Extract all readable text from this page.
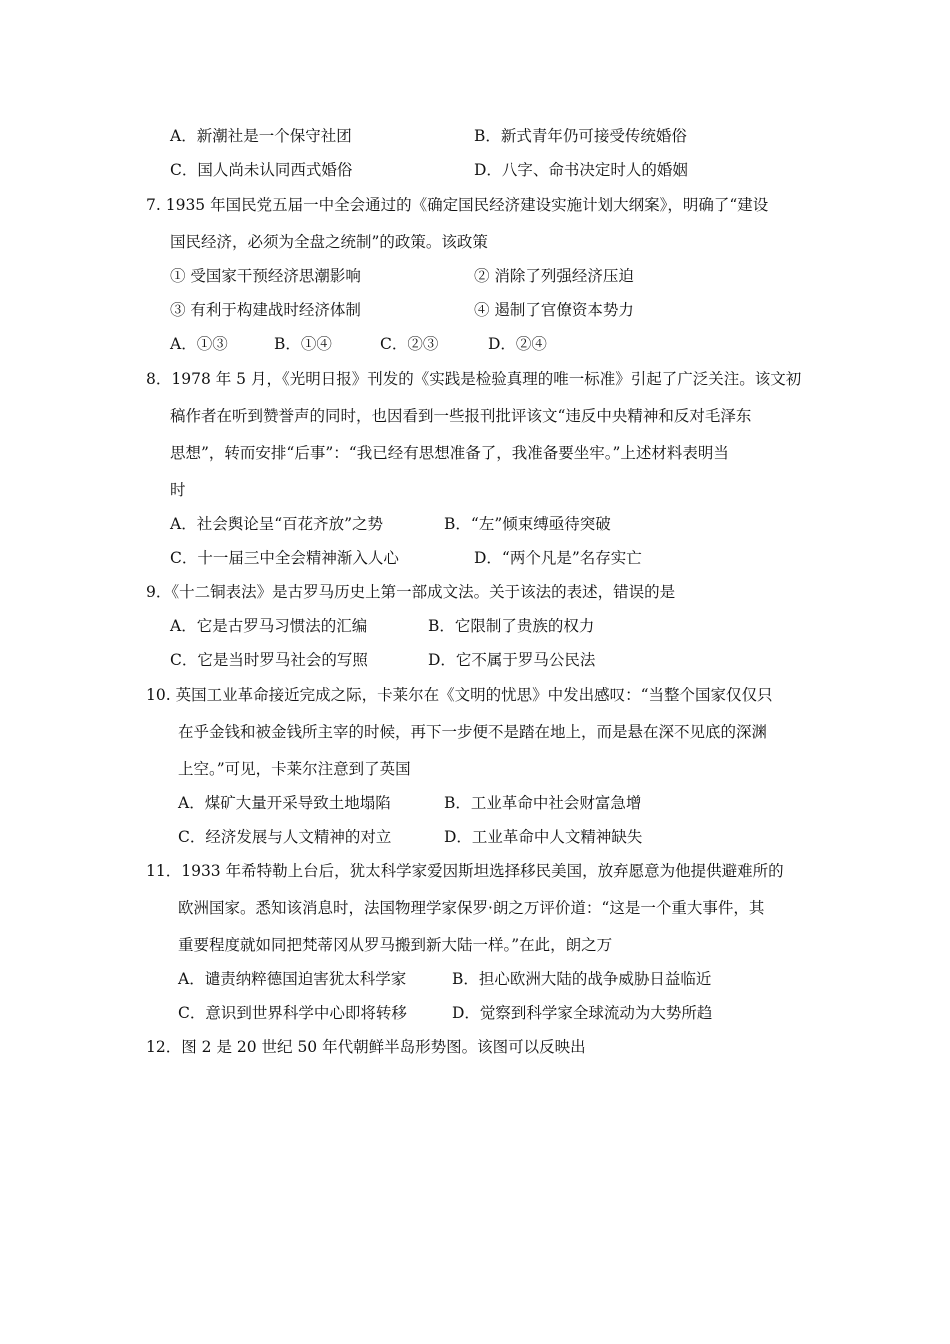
A．新潮社是一个保守社团	B．新式青年仍可接受传统婚俗
C．国人尚未认同西式婚俗	D．八字、命书决定时人的婚姻
7. 1935 年国民党五届一中全会通过的《确定国民经济建设实施计划大纲案》，明确了“建设
国民经济，必须为全盘之统制”的政策。该政策
① 受国家干预经济思潮影响	② 消除了列强经济压迫
③ 有利于构建战时经济体制	④ 遏制了官僚资本势力
A．①③	B．①④	C．②③	D．②④
8．1978 年 5 月，《光明日报》刊发的《实践是检验真理的唯一标准》引起了广泛关注。该文初
稿作者在听到赞誉声的同时，也因看到一些报刊批评该文“违反中央精神和反对毛泽东
思想”，转而安排“后事”：“我已经有思想准备了，我准备要坐牢。”上述材料表明当
时
A．社会舆论呈“百花齐放”之势	B．“左”倾束缚亟待突破
C．十一届三中全会精神渐入人心	D．“两个凡是”名存实亡
9．《十二铜表法》是古罗马历史上第一部成文法。关于该法的表述，错误的是
A．它是古罗马习惯法的汇编	B．它限制了贵族的权力
C．它是当时罗马社会的写照	D．它不属于罗马公民法
10. 英国工业革命接近完成之际，卡莱尔在《文明的忧思》中发出感叹：“当整个国家仅仅只
在乎金钱和被金钱所主宰的时候，再下一步便不是踏在地上，而是悬在深不见底的深渊
上空。”可见，卡莱尔注意到了英国
A．煤矿大量开采导致土地塌陷	B．工业革命中社会财富急增
C．经济发展与人文精神的对立	D．工业革命中人文精神缺失
11．1933 年希特勒上台后，犹太科学家爱因斯坦选择移民美国，放弃愿意为他提供避难所的
欧洲国家。悉知该消息时，法国物理学家保罗·朗之万评价道：“这是一个重大事件，其
重要程度就如同把梵蒂冈从罗马搬到新大陆一样。”在此，朗之万
A．谴责纳粹德国迫害犹太科学家	B．担心欧洲大陆的战争威胁日益临近
C．意识到世界科学中心即将转移	D．觉察到科学家全球流动为大势所趋
12．图 2 是 20 世纪 50 年代朝鲜半岛形势图。该图可以反映出
